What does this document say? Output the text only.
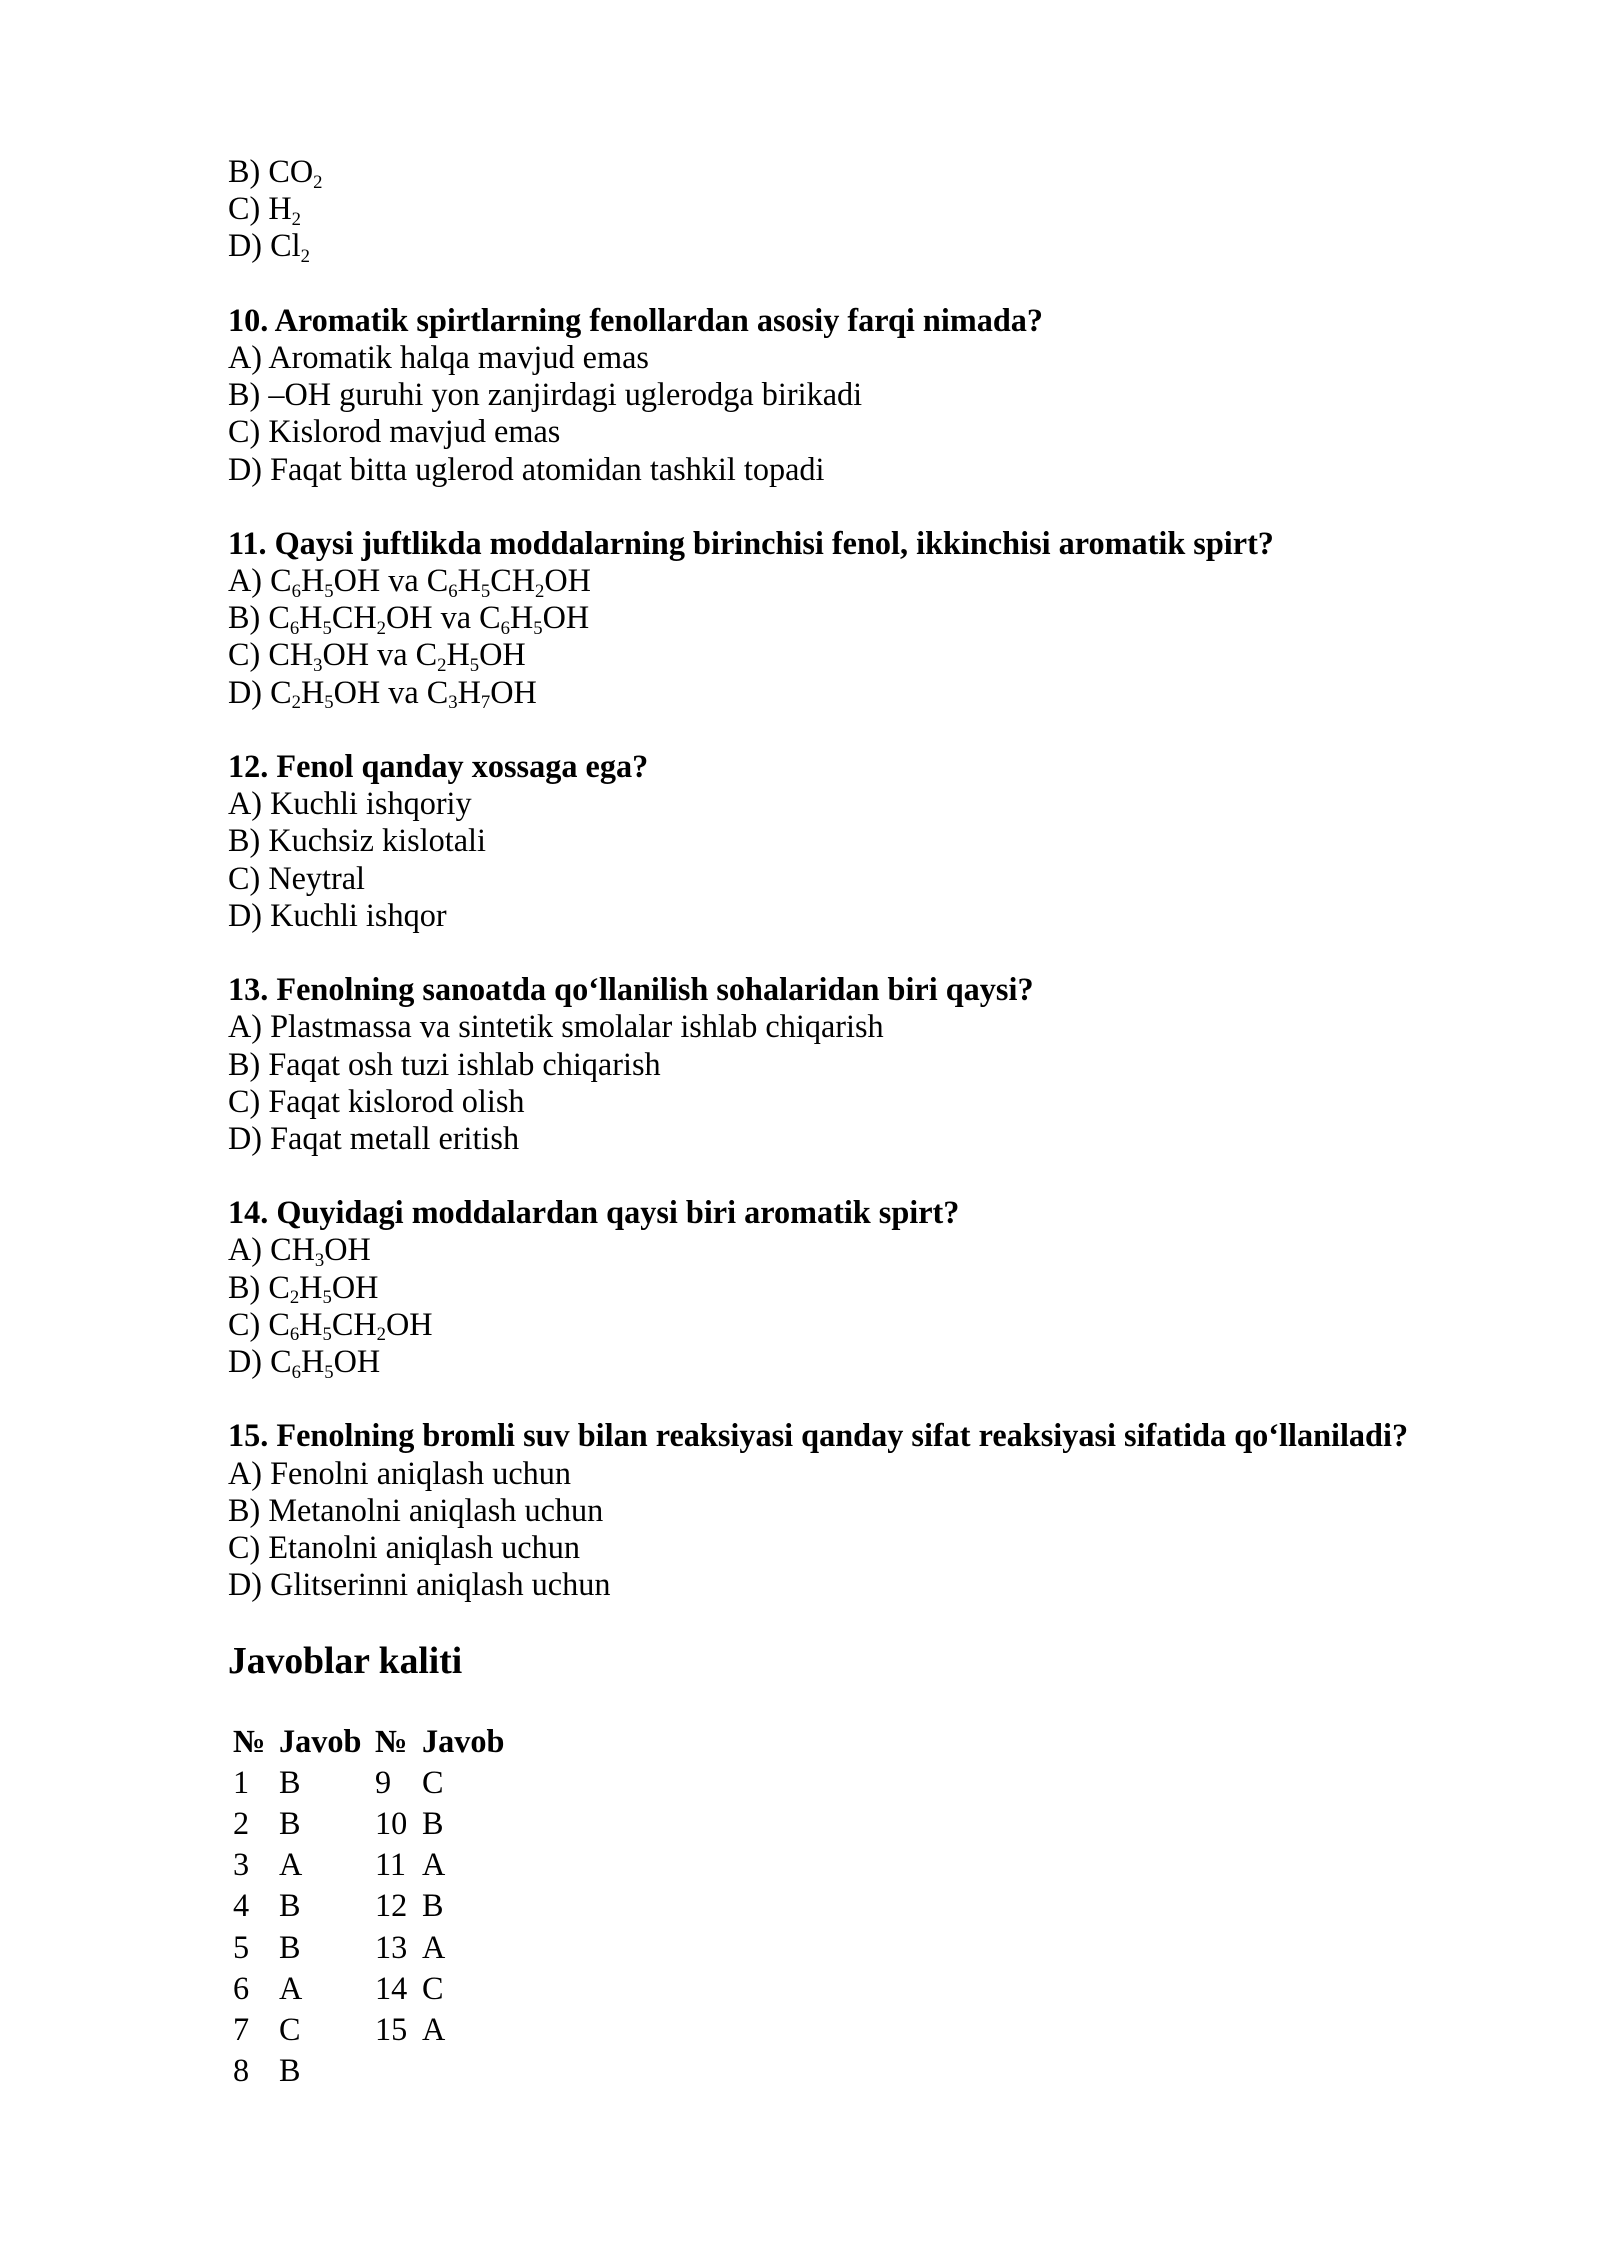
B) $CO_2$
C) $H_2$
D) $Cl_2$
10. Aromatik spirtlarning fenollardan asosiy farqi nimada?
A) Aromatik halqa mavjud emas
B) –OH guruhi yon zanjirdagi uglerodga birikadi
C) Kislorod mavjud emas
D) Faqat bitta uglerod atomidan tashkil topadi
11. Qaysi juftlikda moddalarning birinchisi fenol, ikkinchisi aromatik spirt?
A) $C_6H_5OH$ va $C_6H_5CH_2OH$
B) $C_6H_5CH_2OH$ va $C_6H_5OH$
C) $CH_3OH$ va $C_2H_5OH$
D) $C_2H_5OH$ va $C_3H_7OH$
12. Fenol qanday xossaga ega?
A) Kuchli ishqoriy
B) Kuchsiz kislotali
C) Neytral
D) Kuchli ishqor
13. Fenolning sanoatda qo‘llanilish sohalaridan biri qaysi?
A) Plastmassa va sintetik smolalar ishlab chiqarish
B) Faqat osh tuzi ishlab chiqarish
C) Faqat kislorod olish
D) Faqat metall eritish
14. Quyidagi moddalardan qaysi biri aromatik spirt?
A) $CH_3OH$
B) $C_2H_5OH$
C) $C_6H_5CH_2OH$
D) $C_6H_5OH$
15. Fenolning bromli suv bilan reaksiyasi qanday sifat reaksiyasi sifatida qo‘llaniladi?
A) Fenolni aniqlash uchun
B) Metanolni aniqlash uchun
C) Etanolni aniqlash uchun
D) Glitserinni aniqlash uchun
Javoblar kaliti
№	Javob	№	Javob
1	B	9	C
2	B	10	B
3	A	11	A
4	B	12	B
5	B	13	A
6	A	14	C
7	C	15	A
8	B		
